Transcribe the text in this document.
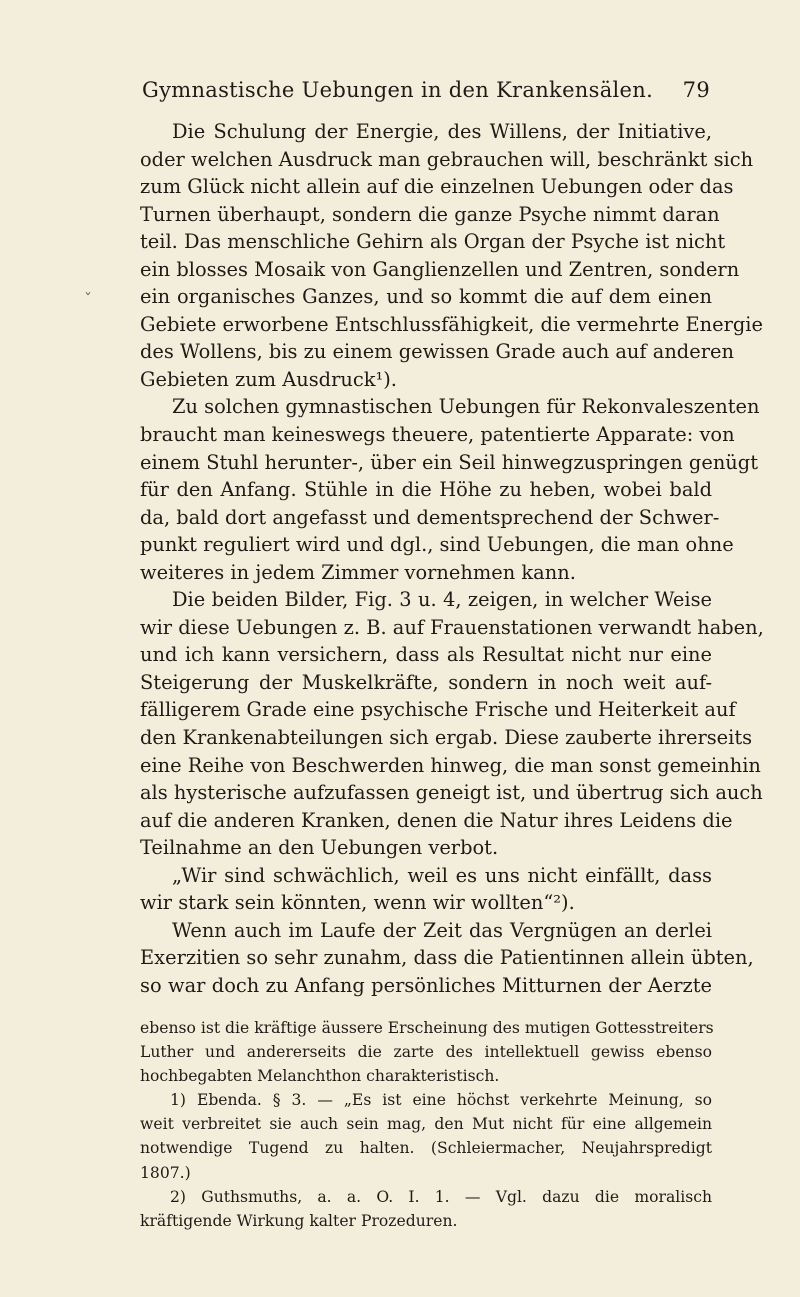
Gymnastische Uebungen in den Krankensälen. 79
ˇ
Die Schulung der Energie, des Willens, der Initiative,
oder welchen Ausdruck man gebrauchen will, beschränkt sich
zum Glück nicht allein auf die einzelnen Uebungen oder das
Turnen überhaupt, sondern die ganze Psyche nimmt daran
teil. Das menschliche Gehirn als Organ der Psyche ist nicht
ein blosses Mosaik von Ganglienzellen und Zentren, sondern
ein organisches Ganzes, und so kommt die auf dem einen
Gebiete erworbene Entschlussfähigkeit, die vermehrte Energie
des Wollens, bis zu einem gewissen Grade auch auf anderen
Gebieten zum Ausdruck¹).
Zu solchen gymnastischen Uebungen für Rekonvaleszenten
braucht man keineswegs theuere, patentierte Apparate: von
einem Stuhl herunter-, über ein Seil hinwegzuspringen genügt
für den Anfang. Stühle in die Höhe zu heben, wobei bald
da, bald dort angefasst und dementsprechend der Schwer-
punkt reguliert wird und dgl., sind Uebungen, die man ohne
weiteres in jedem Zimmer vornehmen kann.
Die beiden Bilder, Fig. 3 u. 4, zeigen, in welcher Weise
wir diese Uebungen z. B. auf Frauenstationen verwandt haben,
und ich kann versichern, dass als Resultat nicht nur eine
Steigerung der Muskelkräfte, sondern in noch weit auf-
fälligerem Grade eine psychische Frische und Heiterkeit auf
den Krankenabteilungen sich ergab. Diese zauberte ihrerseits
eine Reihe von Beschwerden hinweg, die man sonst gemeinhin
als hysterische aufzufassen geneigt ist, und übertrug sich auch
auf die anderen Kranken, denen die Natur ihres Leidens die
Teilnahme an den Uebungen verbot.
„Wir sind schwächlich, weil es uns nicht einfällt, dass
wir stark sein könnten, wenn wir wollten“²).
Wenn auch im Laufe der Zeit das Vergnügen an derlei
Exerzitien so sehr zunahm, dass die Patientinnen allein übten,
so war doch zu Anfang persönliches Mitturnen der Aerzte
ebenso ist die kräftige äussere Erscheinung des mutigen Gottesstreiters
Luther und andererseits die zarte des intellektuell gewiss ebenso
hochbegabten Melanchthon charakteristisch.
1) Ebenda. § 3. — „Es ist eine höchst verkehrte Meinung, so
weit verbreitet sie auch sein mag, den Mut nicht für eine allgemein
notwendige Tugend zu halten. (Schleiermacher, Neujahrspredigt
1807.)
2) Guthsmuths, a. a. O. I. 1. — Vgl. dazu die moralisch
kräftigende Wirkung kalter Prozeduren.
